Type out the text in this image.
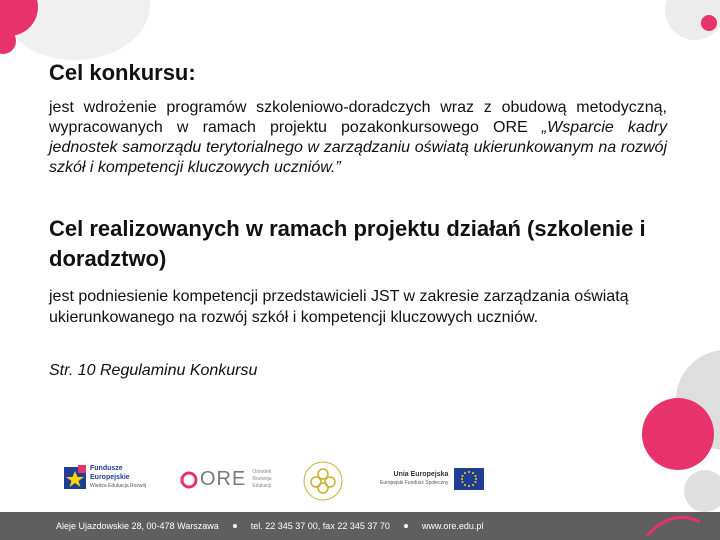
Cel konkursu:

jest wdrożenie programów szkoleniowo-doradczych wraz z obudową metodyczną, wypracowanych w ramach projektu pozakonkursowego ORE „Wsparcie kadry jednostek samorządu terytorialnego w zarządzaniu oświatą ukierunkowanym na rozwój szkół i kompetencji kluczowych uczniów.”

Cel realizowanych w ramach projektu działań (szkolenie i doradztwo)

jest podniesienie kompetencji przedstawicieli JST w zakresie zarządzania oświatą ukierunkowanego na rozwój szkół i kompetencji kluczowych uczniów.

Str. 10 Regulaminu Konkursu

Fundusze Europejskie
Wiedza Edukacja Rozwój	ORE Ośrodek
Rozwoju
Edukacji
Unia Europejska
Europejski Fundusz Społeczny
Aleje Ujazdowskie 28, 00-478 Warszawa	tel. 22 345 37 00, fax 22 345 37 70	www.ore.edu.pl
